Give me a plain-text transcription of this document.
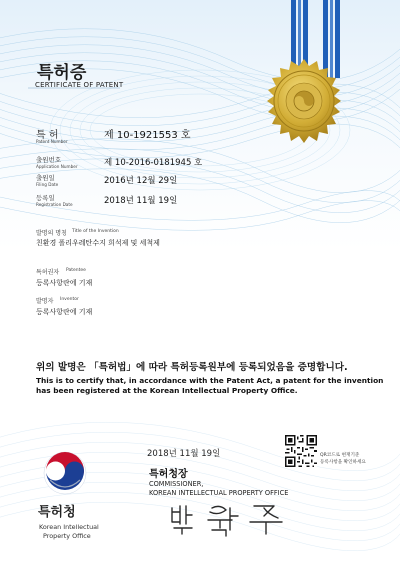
특허증
CERTIFICATE OF PATENT
특 허
Patent Number
제 10-1921553 호
출원번호
Application Number	제 10-2016-0181945 호
출원일
Filing Date	2016년 12월 29일
등록일
Registration Date	2018년 11월 19일
발명의 명칭 Title of the Invention
친환경 폴리우레탄수지 희석제 및 세척제
특허권자 Patentee
등록사항란에 기재
발명자 Inventor
등록사항란에 기재
위의 발명은 「특허법」에 따라 특허등록원부에 등록되었음을 증명합니다.
This is to certify that, in accordance with the Patent Act, a patent for the invention
has been registered at the Korean Intellectual Property Office.
2018년 11월 19일
특허청장
COMMISSIONER,
KOREAN INTELLECTUAL PROPERTY OFFICE
특허청
Korean Intellectual
Property Office
QR코드로 현재기준
등록사항을 확인하세요
